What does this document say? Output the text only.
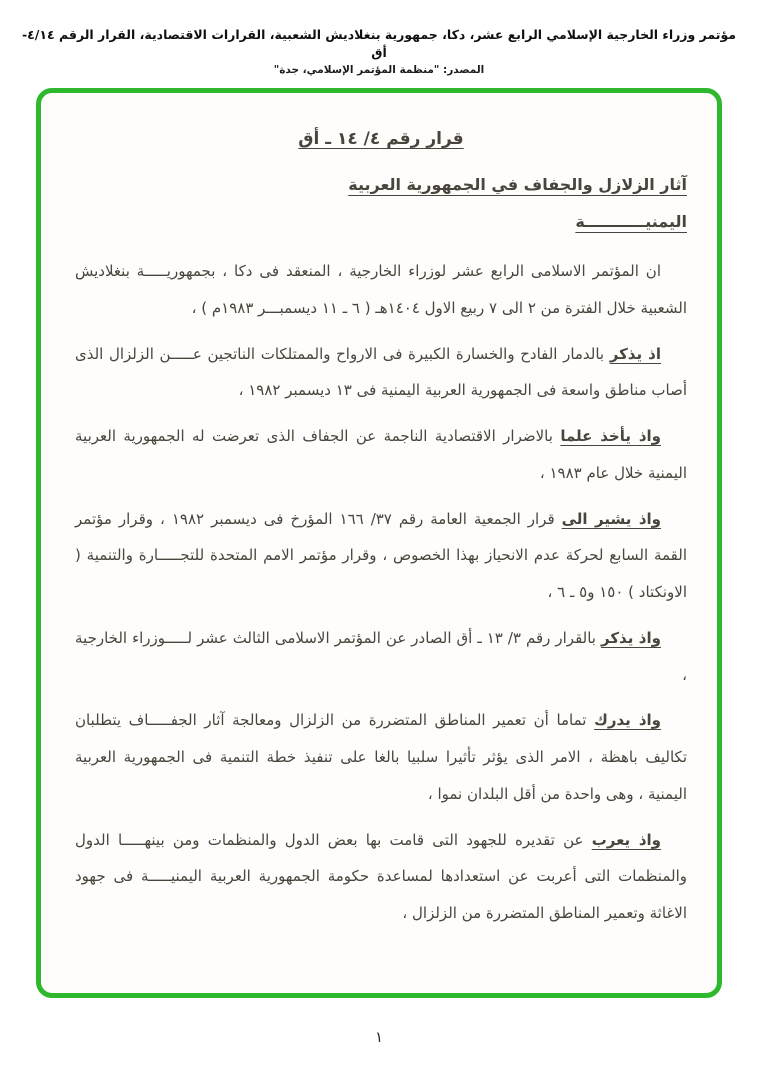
مؤتمر وزراء الخارجية الإسلامي الرابع عشر، دكا، جمهورية بنغلاديش الشعبية، القرارات الاقتصادية، القرار الرقم ٤/١٤-أق
المصدر: "منظمة المؤتمر الإسلامي، جدة"
قرار رقم ٤/ ١٤ ـ أق
آثار الزلازل والجفاف في الجمهورية العربية
اليمنيـــــــــــة

ان المؤتمر الاسلامى الرابع عشر لوزراء الخارجية ، المنعقد فى دكا ، بجمهوريـــــة بنغلاديش الشعبية خلال الفترة من ٢ الى ٧ ربيع الاول ١٤٠٤هـ ( ٦ ـ ١١ ديسمبـــر ١٩٨٣م ) ،

اذ يذكر بالدمار الفادح والخسارة الكبيرة فى الارواح والممتلكات الناتجين عـــــن الزلزال الذى أصاب مناطق واسعة فى الجمهورية العربية اليمنية فى ١٣ ديسمبر ١٩٨٢ ،

واذ يأخذ علما بالاضرار الاقتصادية الناجمة عن الجفاف الذى تعرضت له الجمهورية العربية اليمنية خلال عام ١٩٨٣ ،

واذ يشير الى قرار الجمعية العامة رقم ٣٧/ ١٦٦ المؤرخ فى ديسمبر ١٩٨٢ ، وقرار مؤتمر القمة السابع لحركة عدم الانحياز بهذا الخصوص ، وقرار مؤتمر الامم المتحدة للتجـــــارة والتنمية ( الاونكتاد ) ١٥٠ و٥ ـ ٦ ،

واذ يذكر بالقرار رقم ٣/ ١٣ ـ أق الصادر عن المؤتمر الاسلامى الثالث عشر لـــــوزراء الخارجية ،

واذ يدرك تماما أن تعمير المناطق المتضررة من الزلزال ومعالجة آثار الجفـــــاف يتطلبان تكاليف باهظة ، الامر الذى يؤثر تأثيرا سلبيا بالغا على تنفيذ خطة التنمية فى الجمهورية العربية اليمنية ، وهى واحدة من أقل البلدان نموا ،

واذ يعرب عن تقديره للجهود التى قامت بها بعض الدول والمنظمات ومن بينهـــــا الدول والمنظمات التى أعربت عن استعدادها لمساعدة حكومة الجمهورية العربية اليمنيـــــة فى جهود الاغاثة وتعمير المناطق المتضررة من الزلزال ،

١
